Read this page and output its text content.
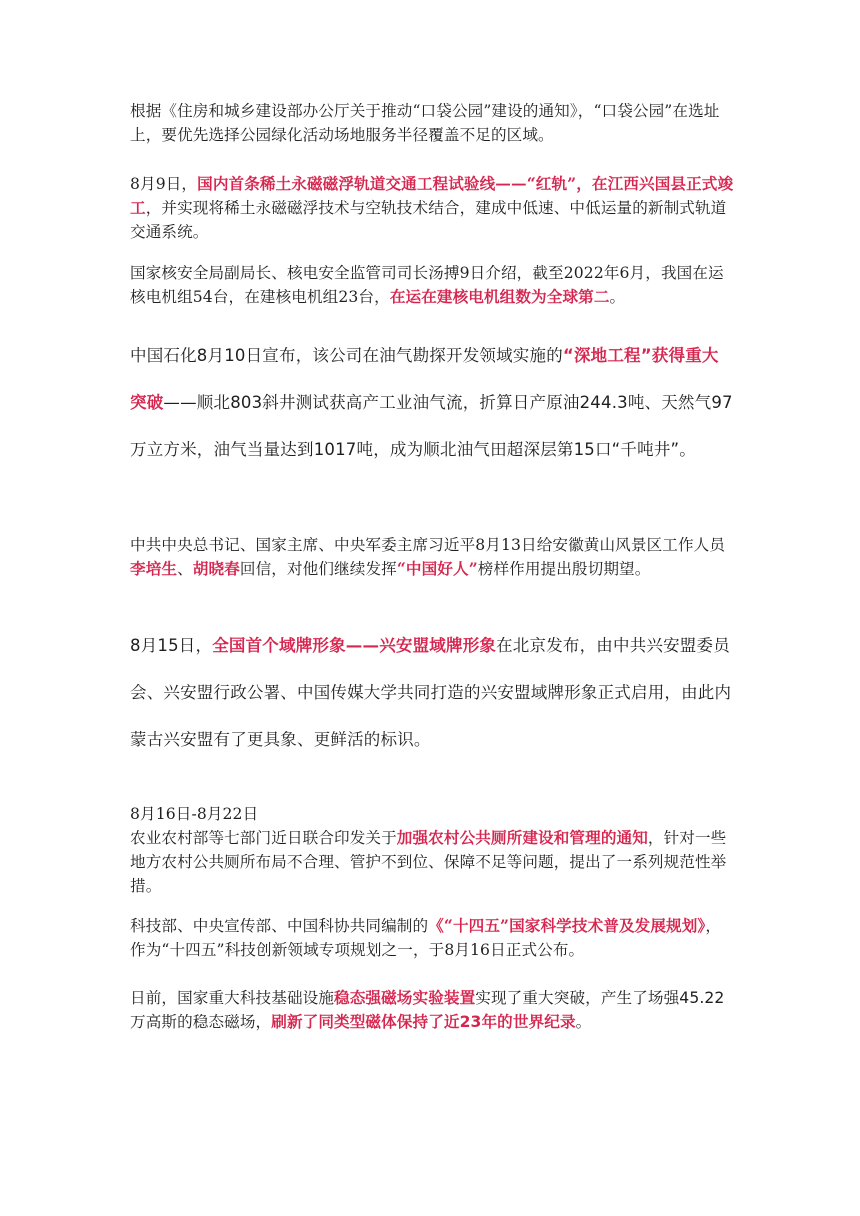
根据《住房和城乡建设部办公厅关于推动“口袋公园”建设的通知》，“口袋公园”在选址上，要优先选择公园绿化活动场地服务半径覆盖不足的区域。

8月9日，国内首条稀土永磁磁浮轨道交通工程试验线——“红轨”，在江西兴国县正式竣工，并实现将稀土永磁磁浮技术与空轨技术结合，建成中低速、中低运量的新制式轨道交通系统。

国家核安全局副局长、核电安全监管司司长汤搏9日介绍，截至2022年6月，我国在运核电机组54台，在建核电机组23台，在运在建核电机组数为全球第二。

中国石化8月10日宣布，该公司在油气勘探开发领域实施的“深地工程”获得重大突破——顺北803斜井测试获高产工业油气流，折算日产原油244.3吨、天然气97万立方米，油气当量达到1017吨，成为顺北油气田超深层第15口“千吨井”。

中共中央总书记、国家主席、中央军委主席习近平8月13日给安徽黄山风景区工作人员李培生、胡晓春回信，对他们继续发挥“中国好人”榜样作用提出殷切期望。

8月15日，全国首个域牌形象——兴安盟域牌形象在北京发布，由中共兴安盟委员会、兴安盟行政公署、中国传媒大学共同打造的兴安盟域牌形象正式启用，由此内蒙古兴安盟有了更具象、更鲜活的标识。

8月16日-8月22日
农业农村部等七部门近日联合印发关于加强农村公共厕所建设和管理的通知，针对一些地方农村公共厕所布局不合理、管护不到位、保障不足等问题，提出了一系列规范性举措。

科技部、中央宣传部、中国科协共同编制的《“十四五”国家科学技术普及发展规划》，作为“十四五”科技创新领域专项规划之一，于8月16日正式公布。

日前，国家重大科技基础设施稳态强磁场实验装置实现了重大突破，产生了场强45.22万高斯的稳态磁场，刷新了同类型磁体保持了近23年的世界纪录。
